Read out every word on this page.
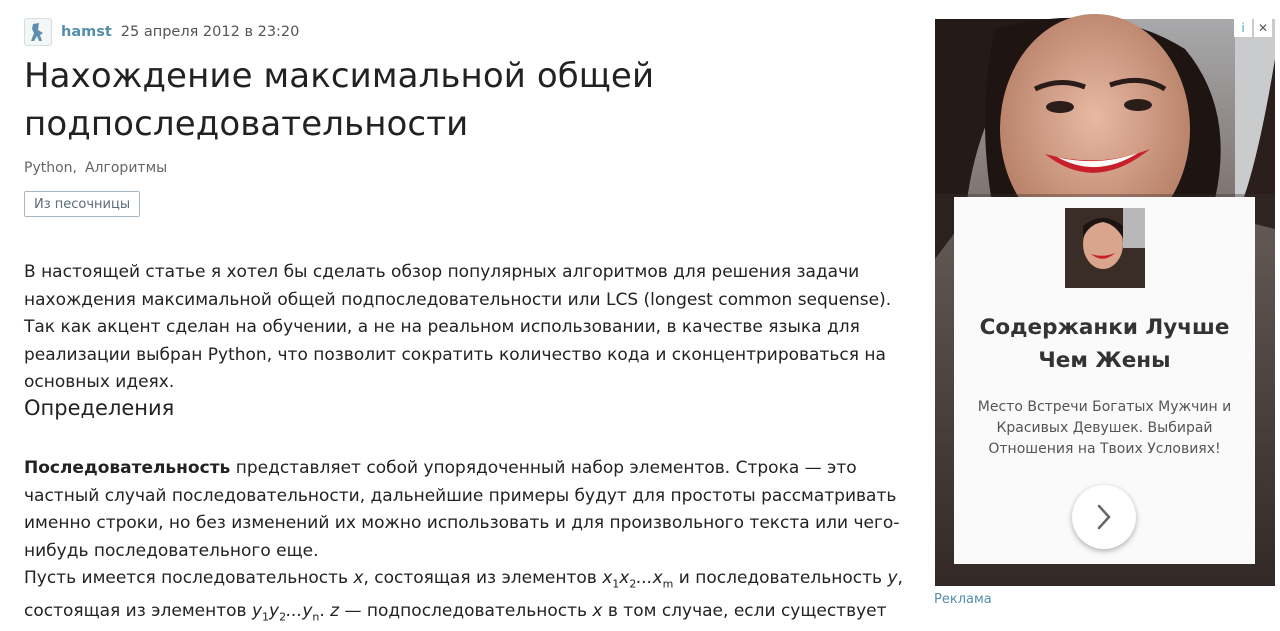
hamst 25 апреля 2012 в 23:20
Нахождение максимальной общей подпоследовательности
Python, Алгоритмы
Из песочницы

В настоящей статье я хотел бы сделать обзор популярных алгоритмов для решения задачи нахождения максимальной общей подпоследовательности или LCS (longest common sequense). Так как акцент сделан на обучении, а не на реальном использовании, в качестве языка для реализации выбран Python, что позволит сократить количество кода и сконцентрироваться на основных идеях.

Определения

Последовательность представляет собой упорядоченный набор элементов. Строка — это частный случай последовательности, дальнейшие примеры будут для простоты рассматривать именно строки, но без изменений их можно использовать и для произвольного текста или чего-нибудь последовательного еще.
Пусть имеется последовательность x, состоящая из элементов $x_1x_2...x_m$ и последовательность y, состоящая из элементов $y_1y_2...y_n$. z — подпоследовательность x в том случае, если существует

i	✕
Содержанки Лучше Чем Жены
Место Встречи Богатых Мужчин и Красивых Девушек. Выбирай Отношения на Твоих Условиях!
Реклама
